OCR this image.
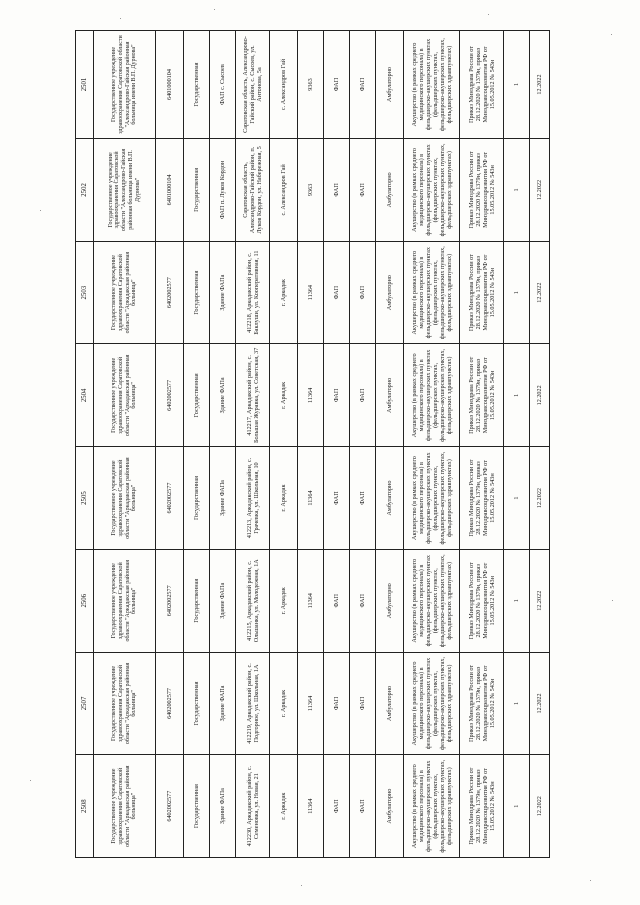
2508	2507	2506	2505	2504	2503	2502	2501
Государственное учреждение здравоохранения Саратовской области "Аркадакская районная больница"	Государственное учреждение здравоохранения Саратовской области "Аркадакская районная больница"	Государственное учреждение здравоохранения Саратовской области "Аркадакская районная больница"	Государственное учреждение здравоохранения Саратовской области "Аркадакская районная больница"	Государственное учреждение здравоохранения Саратовской области "Аркадакская районная больница"	Государственное учреждение здравоохранения Саратовской области "Аркадакская районная больница"	Государственное учреждение здравоохранения Саратовской области "Александрово-Гайская районная больница имени В.П. Дурнова"	Государственное учреждение здравоохранения Саратовской области "Александрово-Гайская районная больница имени В.П. Дурнова"
6402002577	6402002577	6402002577	6402002577	6402002577	6402002577	6401000104	6401000104
Государственная	Государственная	Государственная	Государственная	Государственная	Государственная	Государственная	Государственная
Здание ФАПа	Здание ФАПа	Здание ФАПа	Здание ФАПа	Здание ФАПа	Здание ФАПа	ФАП п. Луков Кордон	ФАП с. Сысоев
412230, Аркадакский район, с. Семеновка, ул. Новая, 21	412219, Аркадакский район, с. Подгорное, ул. Школьная, 1А	412215, Аркадакский район, с. Ольшанка, ул. Молодежная, 1А	412213, Аркадакский район, с. Грачевка, ул. Школьная, 10	412217, Аркадакский район, с. Большая Журавка, ул. Советская, 37	412218, Аркадакский район, с. Баклуши, ул. Кооперативная, 11	Саратовская область, Александрово-Гайский район, п. Луков Кордон, ул. Набережная, 5	Саратовская область, Александрово-Гайский район, с. Сысоев, ул. Антонова, 5а
г. Аркадак	г. Аркадак	г. Аркадак	г. Аркадак	г. Аркадак	г. Аркадак	с. Александров Гай	с. Александров Гай
11364	11364	11364	11364	11364	11364	9363	9363
ФАП	ФАП	ФАП	ФАП	ФАП	ФАП	ФАП	ФАП
ФАП	ФАП	ФАП	ФАП	ФАП	ФАП	ФАП	ФАП
Амбулаторно	Амбулаторно	Амбулаторно	Амбулаторно	Амбулаторно	Амбулаторно	Амбулаторно	Амбулаторно
Акушерство (в рамках среднего медицинского персонала) в фельдшерско-акушерских пунктах (фельдшерских пунктах, фельдшерско-акушерских пунктах, фельдшерских здравпунктах)	Акушерство (в рамках среднего медицинского персонала) в фельдшерско-акушерских пунктах (фельдшерских пунктах, фельдшерско-акушерских пунктах, фельдшерских здравпунктах)	Акушерство (в рамках среднего медицинского персонала) в фельдшерско-акушерских пунктах (фельдшерских пунктах, фельдшерско-акушерских пунктах, фельдшерских здравпунктах)	Акушерство (в рамках среднего медицинского персонала) в фельдшерско-акушерских пунктах (фельдшерских пунктах, фельдшерско-акушерских пунктах, фельдшерских здравпунктах)	Акушерство (в рамках среднего медицинского персонала) в фельдшерско-акушерских пунктах (фельдшерских пунктах, фельдшерско-акушерских пунктах, фельдшерских здравпунктах)	Акушерство (в рамках среднего медицинского персонала) в фельдшерско-акушерских пунктах (фельдшерских пунктах, фельдшерско-акушерских пунктах, фельдшерских здравпунктах)	Акушерство (в рамках среднего медицинского персонала) в фельдшерско-акушерских пунктах (фельдшерских пунктах, фельдшерско-акушерских пунктах, фельдшерских здравпунктах)	Акушерство (в рамках среднего медицинского персонала) в фельдшерско-акушерских пунктах (фельдшерских пунктах, фельдшерско-акушерских пунктах, фельдшерских здравпунктах)
Приказ Минздрава России от 28.12.2020 № 1379н, приказ Минздравсоцразвития РФ от 15.05.2012 № 543н	Приказ Минздрава России от 28.12.2020 № 1379н, приказ Минздравсоцразвития РФ от 15.05.2012 № 543н	Приказ Минздрава России от 28.12.2020 № 1379н, приказ Минздравсоцразвития РФ от 15.05.2012 № 543н	Приказ Минздрава России от 28.12.2020 № 1379н, приказ Минздравсоцразвития РФ от 15.05.2012 № 543н	Приказ Минздрава России от 28.12.2020 № 1379н, приказ Минздравсоцразвития РФ от 15.05.2012 № 543н	Приказ Минздрава России от 28.12.2020 № 1379н, приказ Минздравсоцразвития РФ от 15.05.2012 № 543н	Приказ Минздрава России от 28.12.2020 № 1379н, приказ Минздравсоцразвития РФ от 15.05.2012 № 543н	Приказ Минздрава России от 28.12.2020 № 1379н, приказ Минздравсоцразвития РФ от 15.05.2012 № 543н
1	1	1	1	1	1	1	1
12.2022	12.2022	12.2022	12.2022	12.2022	12.2022	12.2022	12.2022
